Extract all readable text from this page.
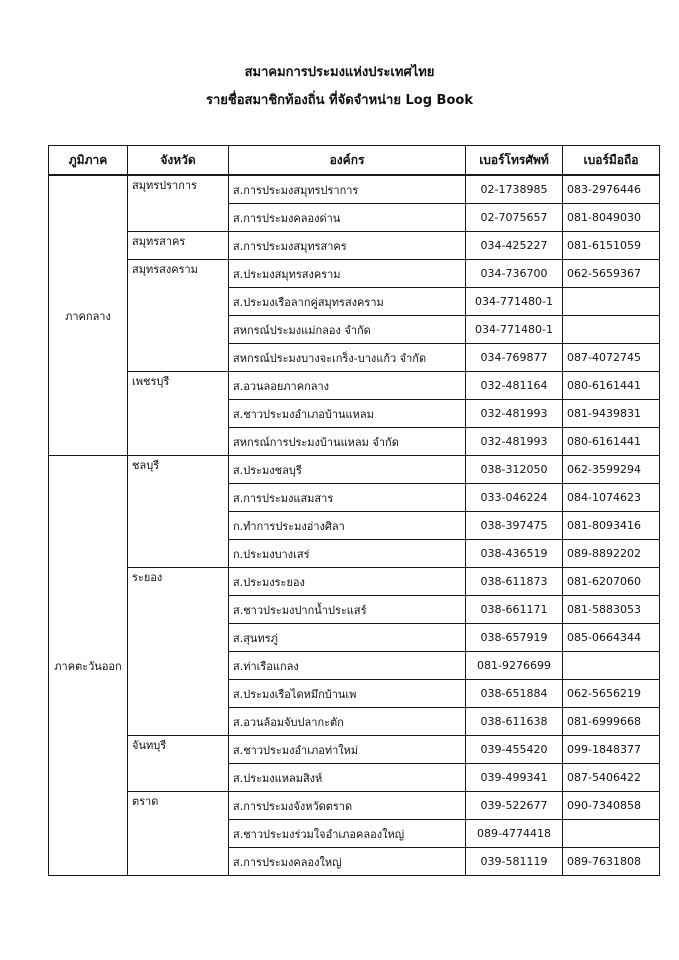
สมาคมการประมงแห่งประเทศไทย
รายชื่อสมาชิกท้องถิ่น ที่จัดจำหน่าย Log Book
ภูมิภาค	จังหวัด	องค์กร	เบอร์โทรศัพท์	เบอร์มือถือ
ภาคกลาง	สมุทรปราการ	ส.การประมงสมุทรปราการ	02-1738985	083-2976446
		ส.การประมงคลองด่าน	02-7075657	081-8049030
	สมุทรสาคร	ส.การประมงสมุทรสาคร	034-425227	081-6151059
	สมุทรสงคราม	ส.ประมงสมุทรสงคราม	034-736700	062-5659367
		ส.ประมงเรือลากคู่สมุทรสงคราม	034-771480-1	
		สหกรณ์ประมงแม่กลอง จำกัด	034-771480-1	
		สหกรณ์ประมงบางจะเกร็ง-บางแก้ว จำกัด	034-769877	087-4072745
	เพชรบุรี	ส.อวนลอยภาคกลาง	032-481164	080-6161441
		ส.ชาวประมงอำเภอบ้านแหลม	032-481993	081-9439831
		สหกรณ์การประมงบ้านแหลม จำกัด	032-481993	080-6161441
ภาคตะวันออก	ชลบุรี	ส.ประมงชลบุรี	038-312050	062-3599294
		ส.การประมงแสมสาร	033-046224	084-1074623
		ก.ทำการประมงอ่างศิลา	038-397475	081-8093416
		ก.ประมงบางเสร่	038-436519	089-8892202
	ระยอง	ส.ประมงระยอง	038-611873	081-6207060
		ส.ชาวประมงปากน้ำประแสร์	038-661171	081-5883053
		ส.สุนทรภู่	038-657919	085-0664344
		ส.ท่าเรือแกลง	081-9276699	
		ส.ประมงเรือไดหมึกบ้านเพ	038-651884	062-5656219
		ส.อวนล้อมจับปลากะตัก	038-611638	081-6999668
	จันทบุรี	ส.ชาวประมงอำเภอท่าใหม่	039-455420	099-1848377
		ส.ประมงแหลมสิงห์	039-499341	087-5406422
	ตราด	ส.การประมงจังหวัดตราด	039-522677	090-7340858
		ส.ชาวประมงร่วมใจอำเภอคลองใหญ่	089-4774418	
		ส.การประมงคลองใหญ่	039-581119	089-7631808
